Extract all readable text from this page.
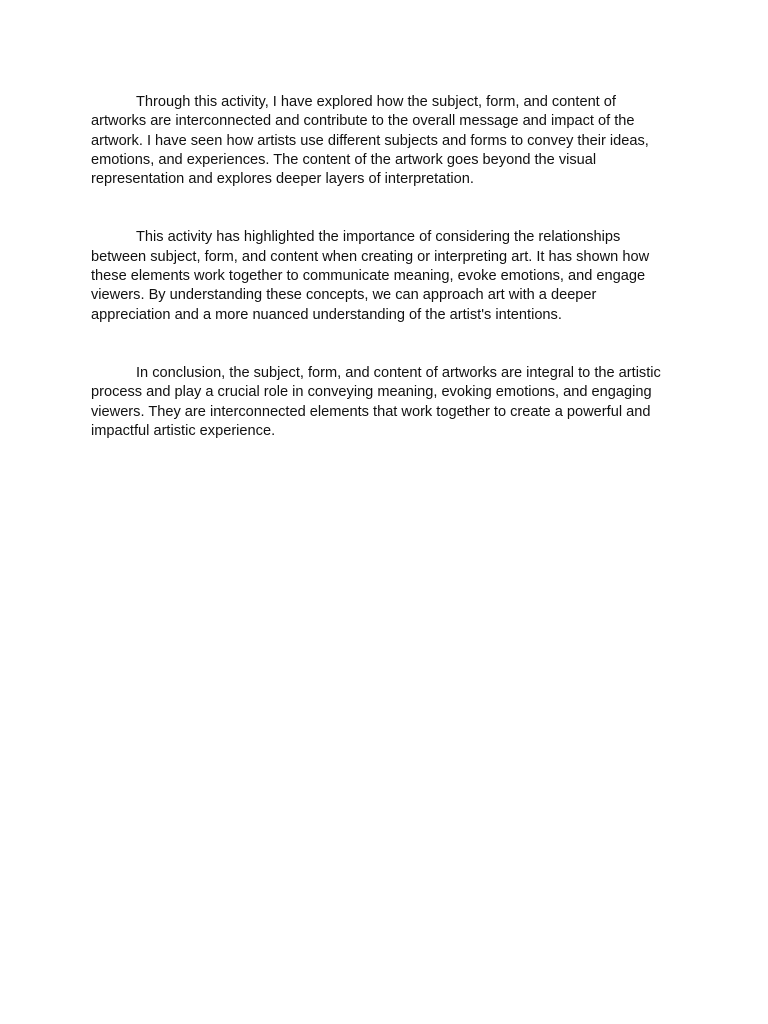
Through this activity, I have explored how the subject, form, and content of
artworks are interconnected and contribute to the overall message and impact of the
artwork. I have seen how artists use different subjects and forms to convey their ideas,
emotions, and experiences. The content of the artwork goes beyond the visual
representation and explores deeper layers of interpretation.

This activity has highlighted the importance of considering the relationships
between subject, form, and content when creating or interpreting art. It has shown how
these elements work together to communicate meaning, evoke emotions, and engage
viewers. By understanding these concepts, we can approach art with a deeper
appreciation and a more nuanced understanding of the artist's intentions.

In conclusion, the subject, form, and content of artworks are integral to the artistic
process and play a crucial role in conveying meaning, evoking emotions, and engaging
viewers. They are interconnected elements that work together to create a powerful and
impactful artistic experience.
